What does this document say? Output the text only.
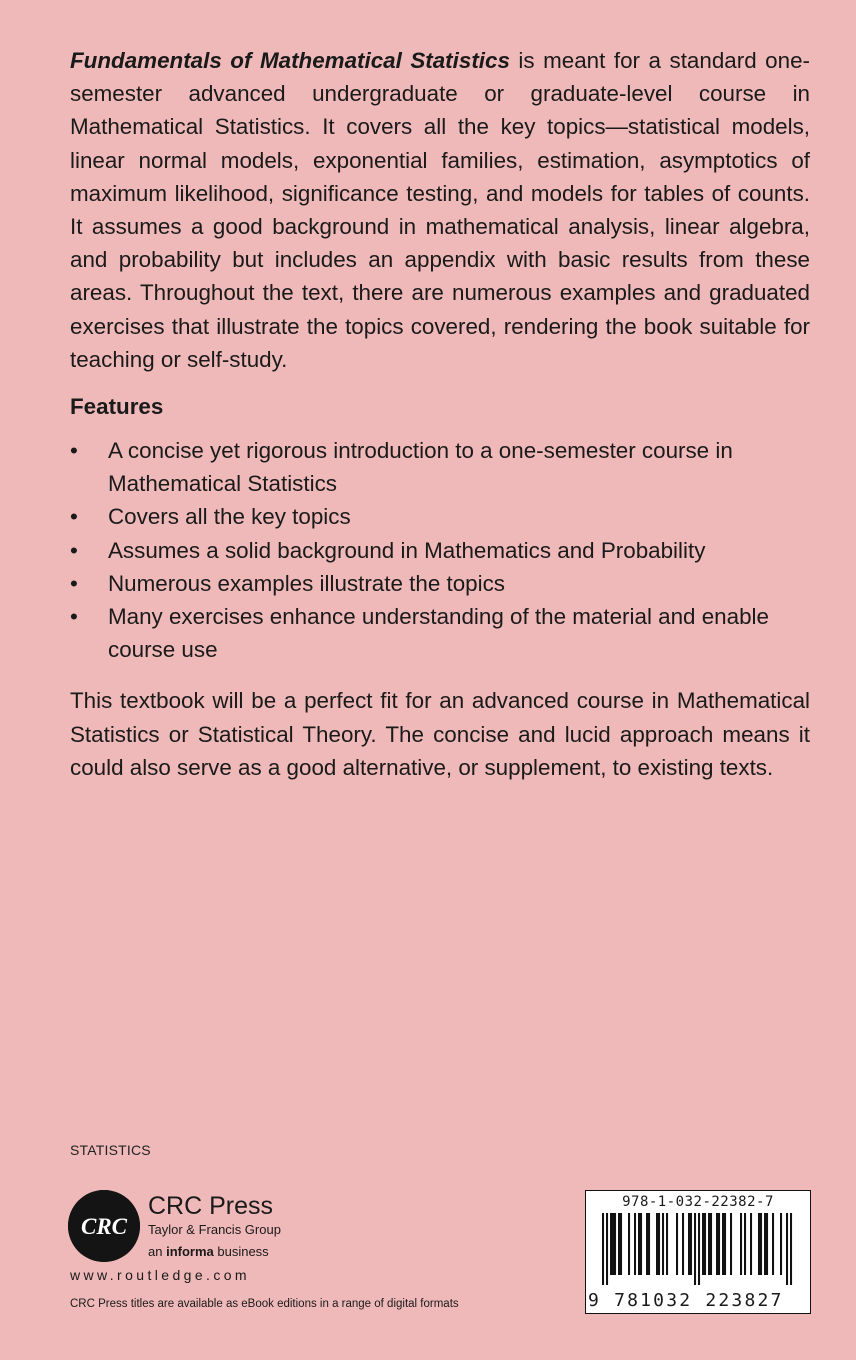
Fundamentals of Mathematical Statistics is meant for a standard one-semester advanced undergraduate or graduate-level course in Mathematical Statistics. It covers all the key topics—statistical models, linear normal models, exponential families, estimation, asymptotics of maximum likelihood, significance testing, and models for tables of counts. It assumes a good background in mathematical analysis, linear algebra, and probability but includes an appendix with basic results from these areas. Throughout the text, there are numerous examples and graduated exercises that illustrate the topics covered, rendering the book suitable for teaching or self-study.

Features
• A concise yet rigorous introduction to a one-semester course in Mathematical Statistics
• Covers all the key topics
• Assumes a solid background in Mathematics and Probability
• Numerous examples illustrate the topics
• Many exercises enhance understanding of the material and enable course use

This textbook will be a perfect fit for an advanced course in Mathematical Statistics or Statistical Theory. The concise and lucid approach means it could also serve as a good alternative, or supplement, to existing texts.

STATISTICS
CRC
CRC Press
Taylor & Francis Group
an informa business
www.routledge.com
CRC Press titles are available as eBook editions in a range of digital formats
978-1-032-22382-7
9 781032 223827
